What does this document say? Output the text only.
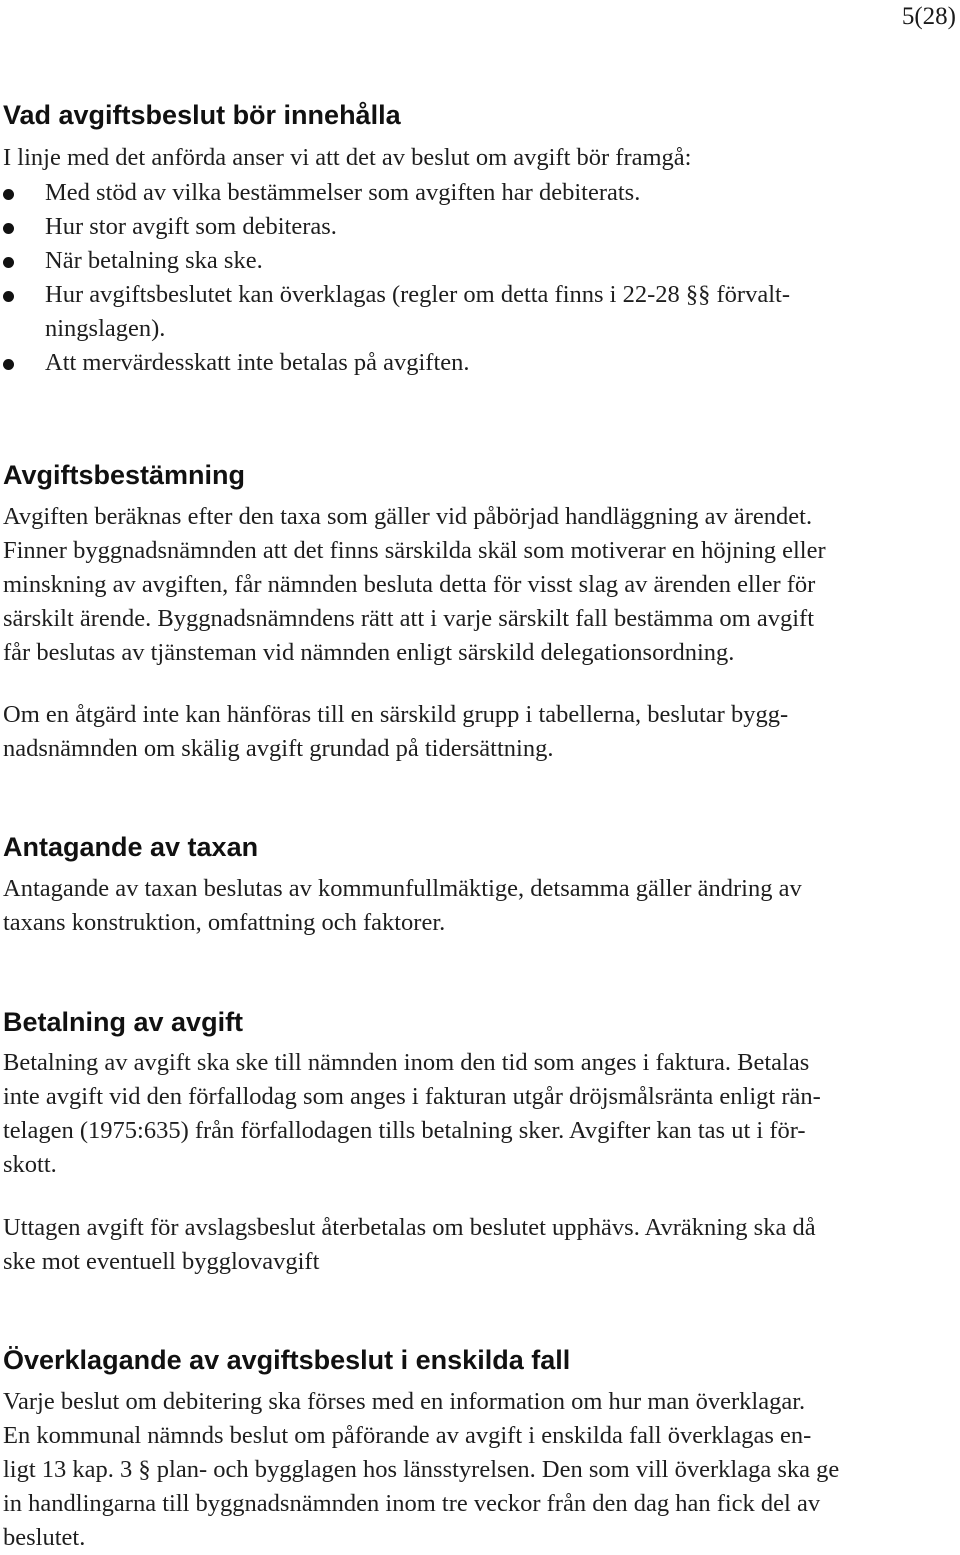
5(28)
Vad avgiftsbeslut bör innehålla

I linje med det anförda anser vi att det av beslut om avgift bör framgå:

Med stöd av vilka bestämmelser som avgiften har debiterats.
Hur stor avgift som debiteras.
När betalning ska ske.
Hur avgiftsbeslutet kan överklagas (regler om detta finns i 22-28 §§ förvalt-
ningslagen).
Att mervärdesskatt inte betalas på avgiften.
Avgiftsbestämning

Avgiften beräknas efter den taxa som gäller vid påbörjad handläggning av ärendet.
Finner byggnadsnämnden att det finns särskilda skäl som motiverar en höjning eller
minskning av avgiften, får nämnden besluta detta för visst slag av ärenden eller för
särskilt ärende. Byggnadsnämndens rätt att i varje särskilt fall bestämma om avgift
får beslutas av tjänsteman vid nämnden enligt särskild delegationsordning.

Om en åtgärd inte kan hänföras till en särskild grupp i tabellerna, beslutar bygg-
nadsnämnden om skälig avgift grundad på tidersättning.

Antagande av taxan

Antagande av taxan beslutas av kommunfullmäktige, detsamma gäller ändring av
taxans konstruktion, omfattning och faktorer.

Betalning av avgift

Betalning av avgift ska ske till nämnden inom den tid som anges i faktura. Betalas
inte avgift vid den förfallodag som anges i fakturan utgår dröjsmålsränta enligt rän-
telagen (1975:635) från förfallodagen tills betalning sker. Avgifter kan tas ut i för-
skott.

Uttagen avgift för avslagsbeslut återbetalas om beslutet upphävs. Avräkning ska då
ske mot eventuell bygglovavgift

Överklagande av avgiftsbeslut i enskilda fall

Varje beslut om debitering ska förses med en information om hur man överklagar.
En kommunal nämnds beslut om påförande av avgift i enskilda fall överklagas en-
ligt 13 kap. 3 § plan- och bygglagen hos länsstyrelsen. Den som vill överklaga ska ge
in handlingarna till byggnadsnämnden inom tre veckor från den dag han fick del av
beslutet.
